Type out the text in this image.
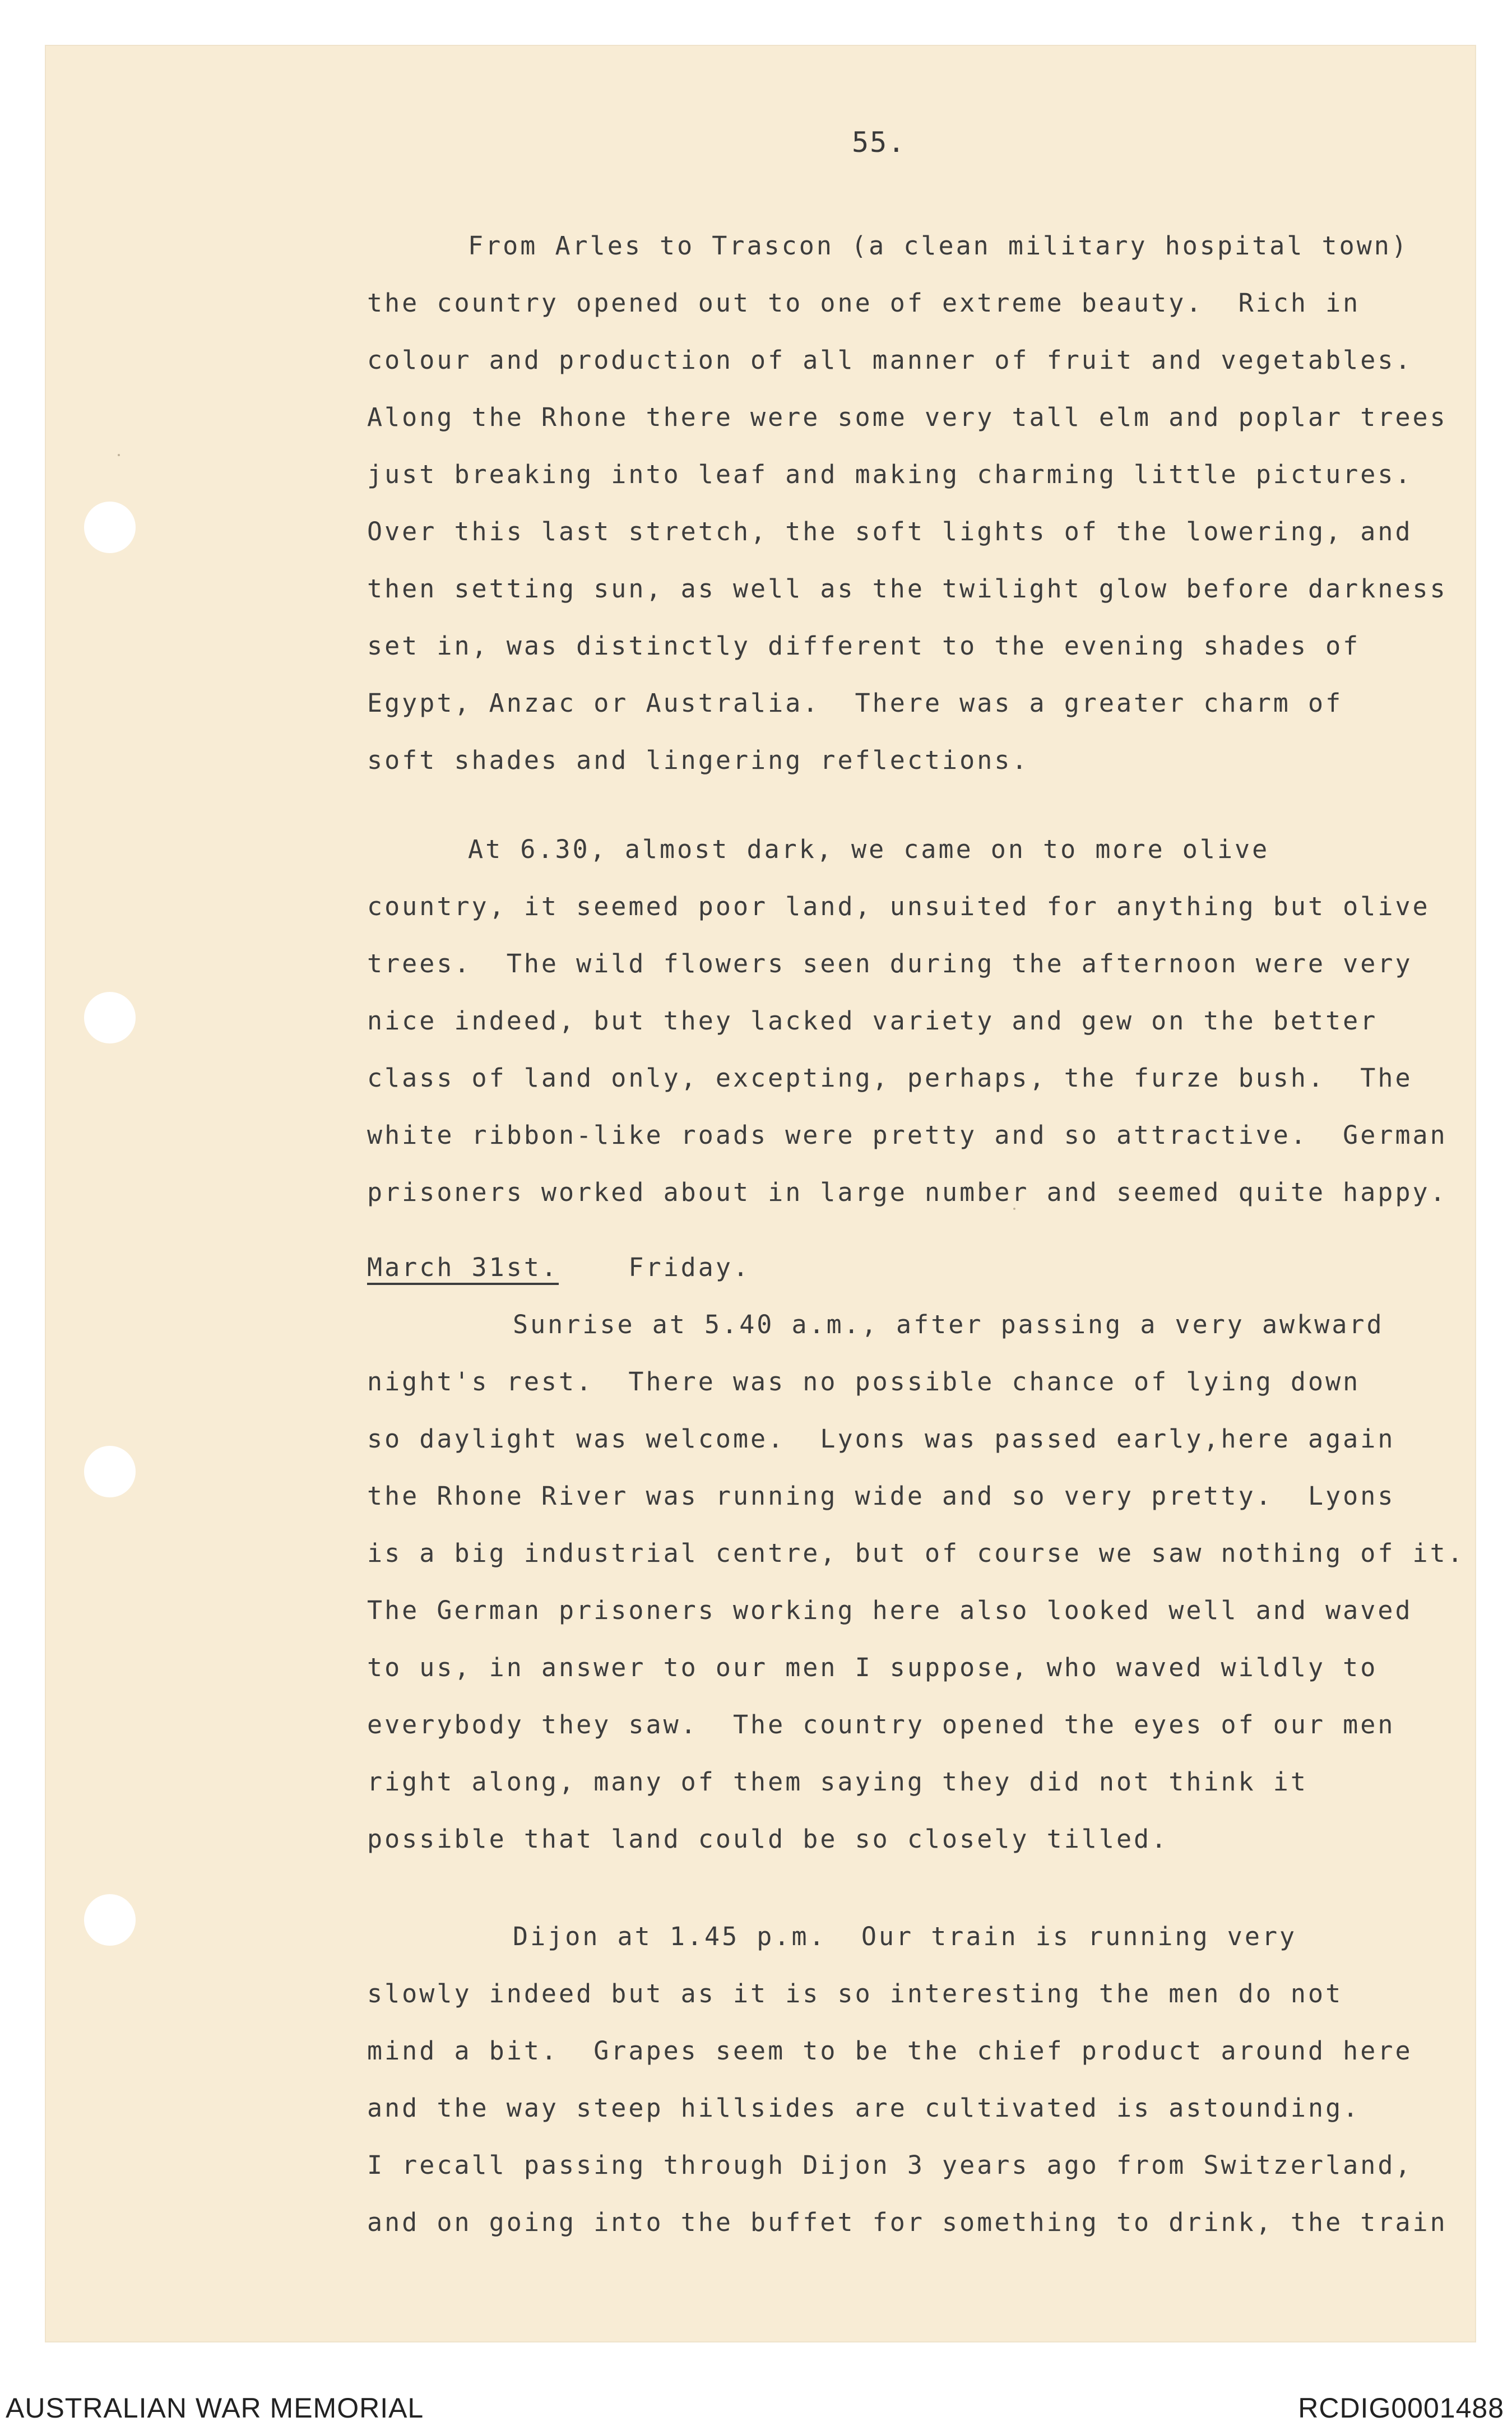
55.
From Arles to Trascon (a clean military hospital town)
the country opened out to one of extreme beauty.  Rich in
colour and production of all manner of fruit and vegetables.
Along the Rhone there were some very tall elm and poplar trees
just breaking into leaf and making charming little pictures.
Over this last stretch, the soft lights of the lowering, and
then setting sun, as well as the twilight glow before darkness
set in, was distinctly different to the evening shades of
Egypt, Anzac or Australia.  There was a greater charm of
soft shades and lingering reflections.
At 6.30, almost dark, we came on to more olive
country, it seemed poor land, unsuited for anything but olive
trees.  The wild flowers seen during the afternoon were very
nice indeed, but they lacked variety and gew on the better
class of land only, excepting, perhaps, the furze bush.  The
white ribbon-like roads were pretty and so attractive.  German
prisoners worked about in large number and seemed quite happy.
March 31st.	Friday.
Sunrise at 5.40 a.m., after passing a very awkward
night's rest.  There was no possible chance of lying down
so daylight was welcome.  Lyons was passed early,here again
the Rhone River was running wide and so very pretty.  Lyons
is a big industrial centre, but of course we saw nothing of it.
The German prisoners working here also looked well and waved
to us, in answer to our men I suppose, who waved wildly to
everybody they saw.  The country opened the eyes of our men
right along, many of them saying they did not think it
possible that land could be so closely tilled.
Dijon at 1.45 p.m.  Our train is running very
slowly indeed but as it is so interesting the men do not
mind a bit.  Grapes seem to be the chief product around here
and the way steep hillsides are cultivated is astounding.
I recall passing through Dijon 3 years ago from Switzerland,
and on going into the buffet for something to drink, the train
AUSTRALIAN WAR MEMORIAL	RCDIG0001488
